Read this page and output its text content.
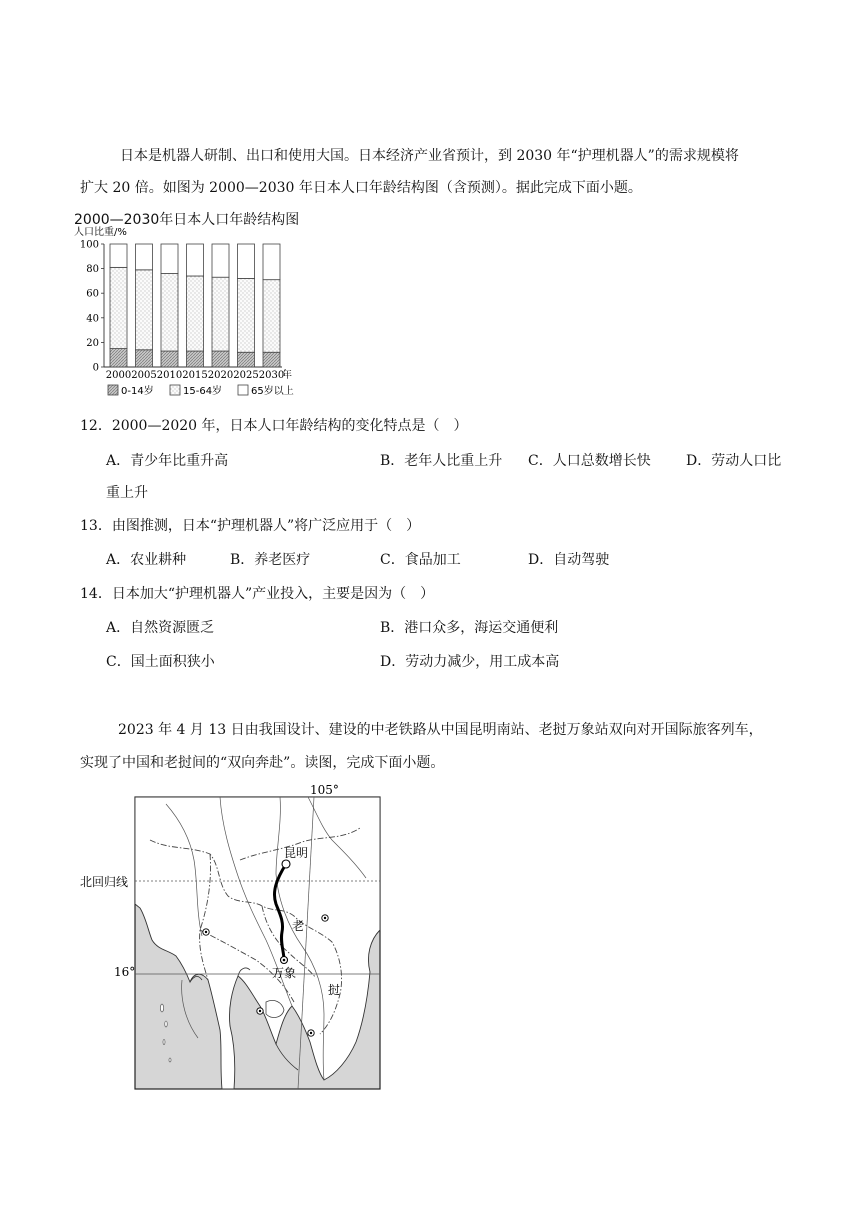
日本是机器人研制、出口和使用大国。日本经济产业省预计，到 2030 年“护理机器人”的需求规模将
扩大 20 倍。如图为 2000—2030 年日本人口年龄结构图（含预测）。据此完成下面小题。
2000—2030年日本人口年龄结构图
人口比重/%
0
20
40
60
80
100
2000 2005 2010 2015 2020 2025 2030
年
0-14岁	15-64岁	65岁以上
12．2000—2020 年，日本人口年龄结构的变化特点是（　）
A．青少年比重升高	B．老年人比重上升 C．人口总数增长快	D．劳动人口比
重上升
13．由图推测，日本“护理机器人”将广泛应用于（　）
A．农业耕种	B．养老医疗	C．食品加工	D．自动驾驶
14．日本加大“护理机器人”产业投入，主要是因为（　）
A．自然资源匮乏	B．港口众多，海运交通便利
C．国土面积狭小	D．劳动力减少，用工成本高
2023 年 4 月 13 日由我国设计、建设的中老铁路从中国昆明南站、老挝万象站双向对开国际旅客列车，
实现了中国和老挝间的“双向奔赴”。读图，完成下面小题。
105°
北回归线
16°
昆明
万象
老
挝
